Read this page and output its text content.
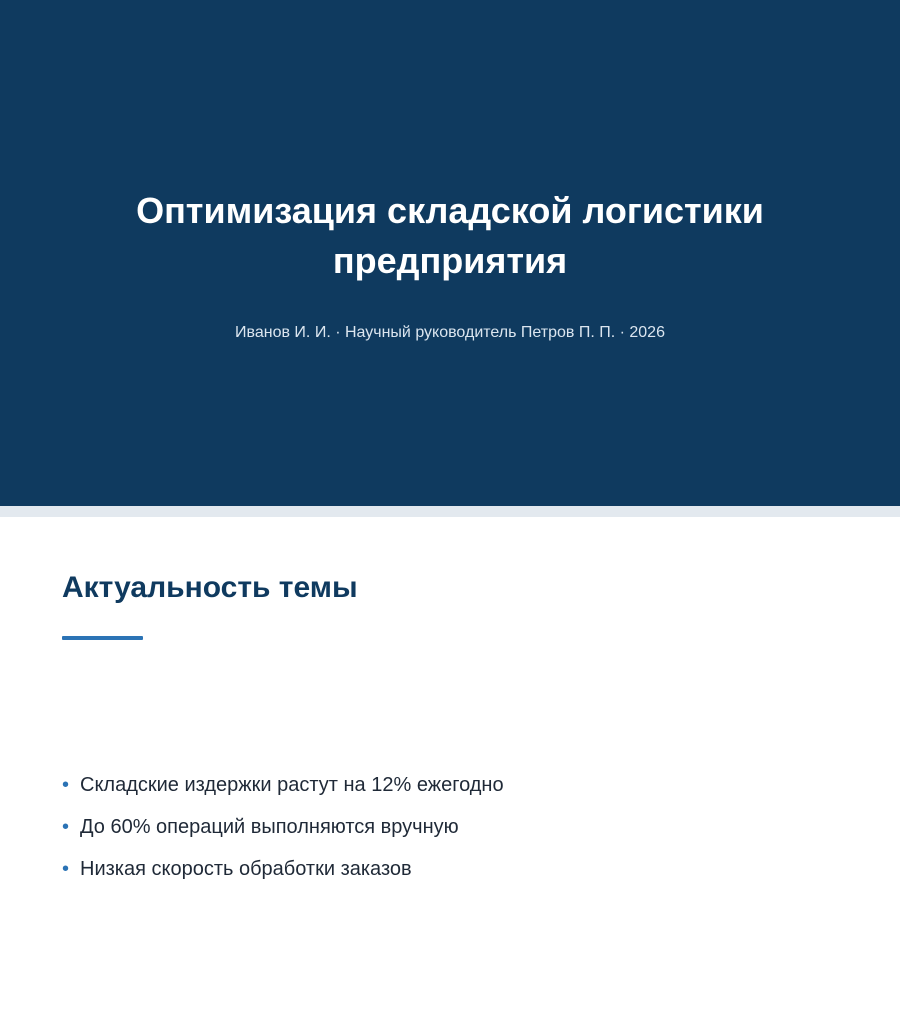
Оптимизация складской логистики предприятия
Иванов И. И. · Научный руководитель Петров П. П. · 2026
Актуальность темы
• Складские издержки растут на 12% ежегодно
• До 60% операций выполняются вручную
• Низкая скорость обработки заказов
